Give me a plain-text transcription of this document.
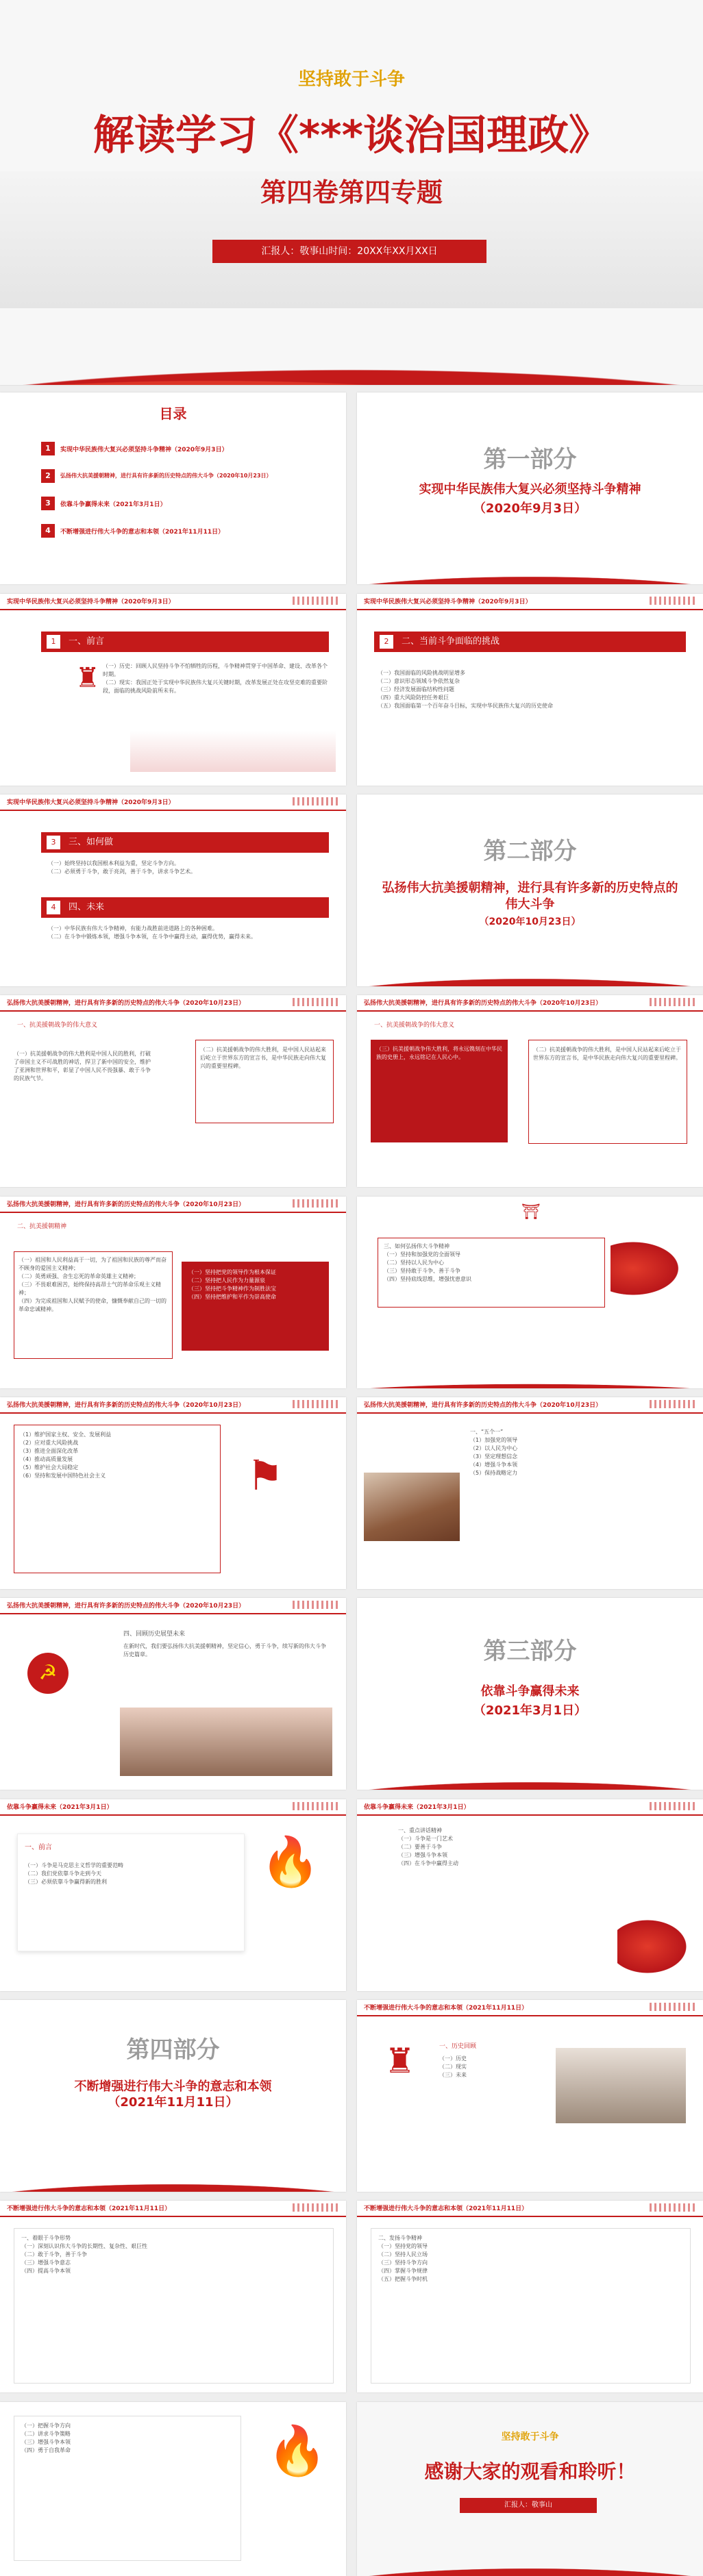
坚持敢于斗争
解读学习《***谈治国理政》
第四卷第四专题
汇报人：敬事山时间：20XX年XX月XX日
目录
1	实现中华民族伟大复兴必须坚持斗争精神（2020年9月3日）
2	弘扬伟大抗美援朝精神，进行具有许多新的历史特点的伟大斗争（2020年10月23日）
3	依靠斗争赢得未来（2021年3月1日）
4	不断增强进行伟大斗争的意志和本领（2021年11月11日）
第一部分
实现中华民族伟大复兴必须坚持斗争精神
（2020年9月3日）
实现中华民族伟大复兴必须坚持斗争精神（2020年9月3日）
1	一、前言
（一）历史：回顾人民坚持斗争不怕牺牲的历程，斗争精神贯穿于中国革命、建设、改革各个时期。
（二）现实：我国正处于实现中华民族伟大复兴关键时期，改革发展正处在攻坚克难的重要阶段，面临的挑战风险前所未有。
♜
实现中华民族伟大复兴必须坚持斗争精神（2020年9月3日）
2	二、当前斗争面临的挑战
（一）我国面临的风险挑战明显增多
（二）意识形态领域斗争依然复杂
（三）经济发展面临结构性问题
（四）重大风险防控任务艰巨
（五）我国面临第一个百年奋斗目标，实现中华民族伟大复兴的历史使命
实现中华民族伟大复兴必须坚持斗争精神（2020年9月3日）
3	三、如何做
（一）始终坚持以我国根本利益为重，坚定斗争方向。
（二）必须勇于斗争，敢于亮剑，善于斗争，讲求斗争艺术。
4	四、未来
（一）中华民族有伟大斗争精神，有能力战胜前进道路上的各种困难。
（二）在斗争中锻炼本领，增强斗争本领，在斗争中赢得主动，赢得优势，赢得未来。
第二部分
弘扬伟大抗美援朝精神，进行具有许多新的历史特点的伟大斗争
（2020年10月23日）
弘扬伟大抗美援朝精神，进行具有许多新的历史特点的伟大斗争（2020年10月23日）
一、抗美援朝战争的伟大意义
（一）抗美援朝战争的伟大胜利是中国人民的胜利，打破了帝国主义不可战胜的神话，捍卫了新中国的安全，维护了亚洲和世界和平，彰显了中国人民不畏强暴、敢于斗争的民族气节。
（二）抗美援朝战争的伟大胜利，是中国人民站起来后屹立于世界东方的宣言书，是中华民族走向伟大复兴的重要里程碑。
弘扬伟大抗美援朝精神，进行具有许多新的历史特点的伟大斗争（2020年10月23日）
一、抗美援朝战争的伟大意义
（三）抗美援朝战争伟大胜利，将永远镌刻在中华民族的史册上，永远铭记在人民心中。
（二）抗美援朝战争的伟大胜利，是中国人民站起来后屹立于世界东方的宣言书，是中华民族走向伟大复兴的重要里程碑。
弘扬伟大抗美援朝精神，进行具有许多新的历史特点的伟大斗争（2020年10月23日）
二、抗美援朝精神
（一）祖国和人民利益高于一切，为了祖国和民族的尊严而奋不顾身的爱国主义精神；
（二）英勇顽强、舍生忘死的革命英雄主义精神；
（三）不畏艰难困苦，始终保持高昂士气的革命乐观主义精神；
（四）为完成祖国和人民赋予的使命，慷慨奉献自己的一切的革命忠诚精神。
（一）坚持把党的领导作为根本保证
（二）坚持把人民作为力量源泉
（三）坚持把斗争精神作为制胜法宝
（四）坚持把维护和平作为崇高使命
⛩
三、如何弘扬伟大斗争精神
（一）坚持和加强党的全面领导
（二）坚持以人民为中心
（三）坚持敢于斗争、善于斗争
（四）坚持底线思维，增强忧患意识
弘扬伟大抗美援朝精神，进行具有许多新的历史特点的伟大斗争（2020年10月23日）
（1）维护国家主权、安全、发展利益
（2）应对重大风险挑战
（3）推进全面深化改革
（4）推动高质量发展
（5）维护社会大局稳定
（6）坚持和发展中国特色社会主义	⚑
弘扬伟大抗美援朝精神，进行具有许多新的历史特点的伟大斗争（2020年10月23日）
一、“五个一”
（1）加强党的领导
（2）以人民为中心
（3）坚定理想信念
（4）增强斗争本领
（5）保持战略定力
弘扬伟大抗美援朝精神，进行具有许多新的历史特点的伟大斗争（2020年10月23日）
四、回顾历史展望未来
在新时代，我们要弘扬伟大抗美援朝精神，坚定信心，勇于斗争，续写新的伟大斗争历史篇章。
☭
第三部分
依靠斗争赢得未来
（2021年3月1日）
依靠斗争赢得未来（2021年3月1日）
一、前言
（一）斗争是马克思主义哲学的重要范畴
（二）我们党依靠斗争走到今天
（三）必须依靠斗争赢得新的胜利	🔥
依靠斗争赢得未来（2021年3月1日）
一、重点讲话精神
（一）斗争是一门艺术
（二）要善于斗争
（三）增强斗争本领
（四）在斗争中赢得主动
第四部分
不断增强进行伟大斗争的意志和本领
（2021年11月11日）
不断增强进行伟大斗争的意志和本领（2021年11月11日）
一、历史回顾
（一）历史
（二）现实
（三）未来
♜
不断增强进行伟大斗争的意志和本领（2021年11月11日）
一、着眼于斗争形势
（一）深刻认识伟大斗争的长期性、复杂性、艰巨性
（二）敢于斗争，善于斗争
（三）增强斗争意志
（四）提高斗争本领
不断增强进行伟大斗争的意志和本领（2021年11月11日）
二、发扬斗争精神
（一）坚持党的领导
（二）坚持人民立场
（三）坚持斗争方向
（四）掌握斗争规律
（五）把握斗争时机
（一）把握斗争方向
（二）讲求斗争策略
（三）增强斗争本领
（四）勇于自我革命	🔥	坚持敢于斗争
感谢大家的观看和聆听！
汇报人：敬事山
